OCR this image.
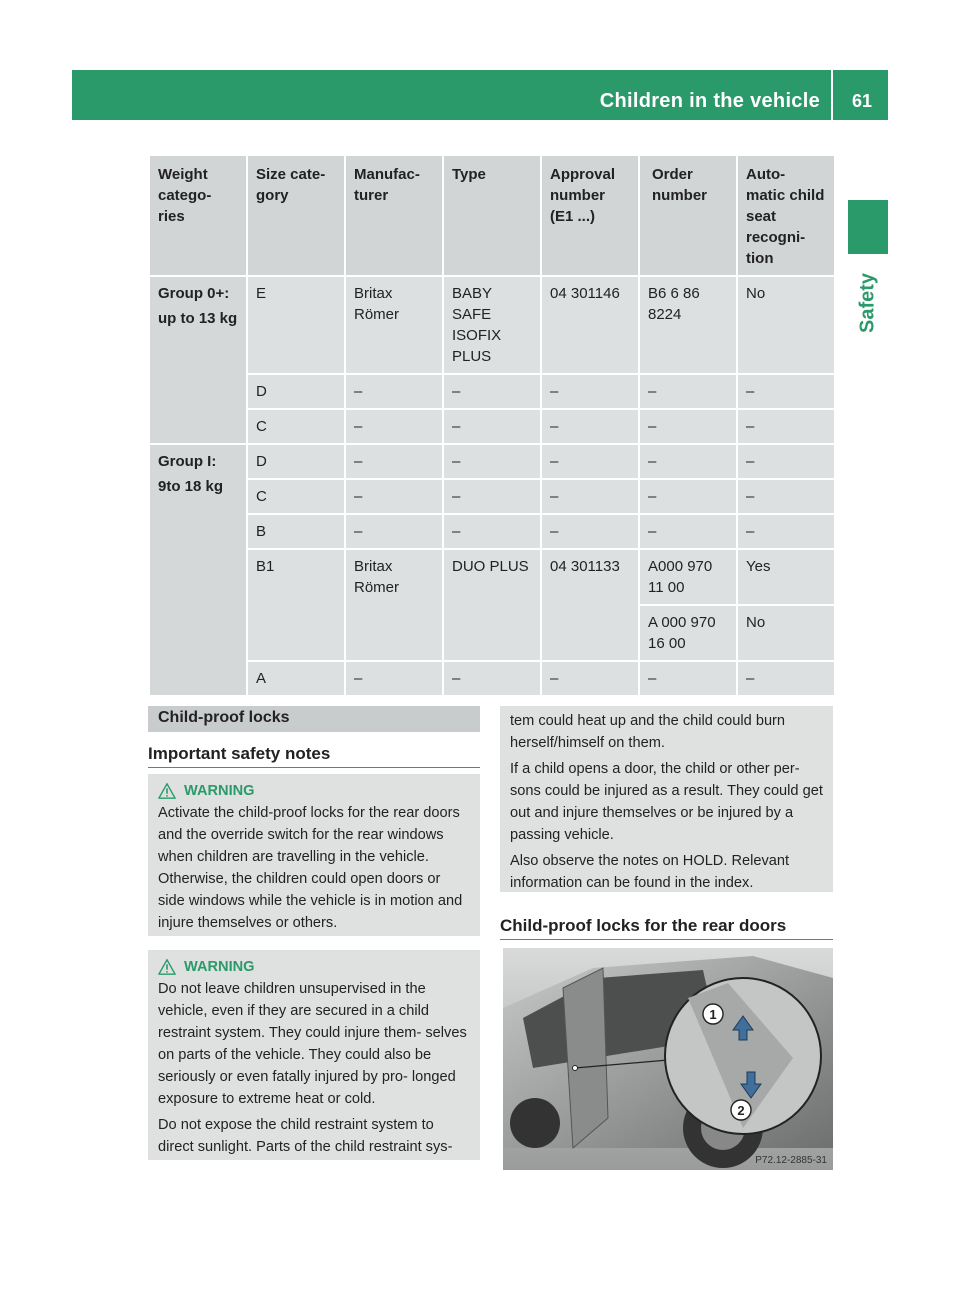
Children in the vehicle	61
Safety
Weight catego- ries	Size cate- gory	Manufac- turer	Type	Approval number (E1 ...)	Order number	Auto- matic child seat recogni- tion

Group 0+:
up to 13 kg	E	Britax Römer	BABY SAFE ISOFIX PLUS	04 301146	B6 6 86 8224	No
	D	–	–	–	–	–
	C	–	–	–	–	–

Group I:
9to 18 kg	D	–	–	–	–	–
	C	–	–	–	–	–
	B	–	–	–	–	–
	B1	Britax Römer	DUO PLUS	04 301133	A000 970 11 00	Yes
					A 000 970 16 00	No
	A	–	–	–	–	–
Child-proof locks
Important safety notes
WARNING

Activate the child-proof locks for the rear doors and the override switch for the rear windows when children are travelling in the vehicle. Otherwise, the children could open doors or side windows while the vehicle is in motion and injure themselves or others.

WARNING

Do not leave children unsupervised in the vehicle, even if they are secured in a child restraint system. They could injure them- selves on parts of the vehicle. They could also be seriously or even fatally injured by pro- longed exposure to extreme heat or cold.

Do not expose the child restraint system to direct sunlight. Parts of the child restraint sys-

tem could heat up and the child could burn herself/himself on them.

If a child opens a door, the child or other per- sons could be injured as a result. They could get out and injure themselves or be injured by a passing vehicle.

Also observe the notes on HOLD. Relevant information can be found in the index.

Child-proof locks for the rear doors
1
2
P72.12-2885-31
